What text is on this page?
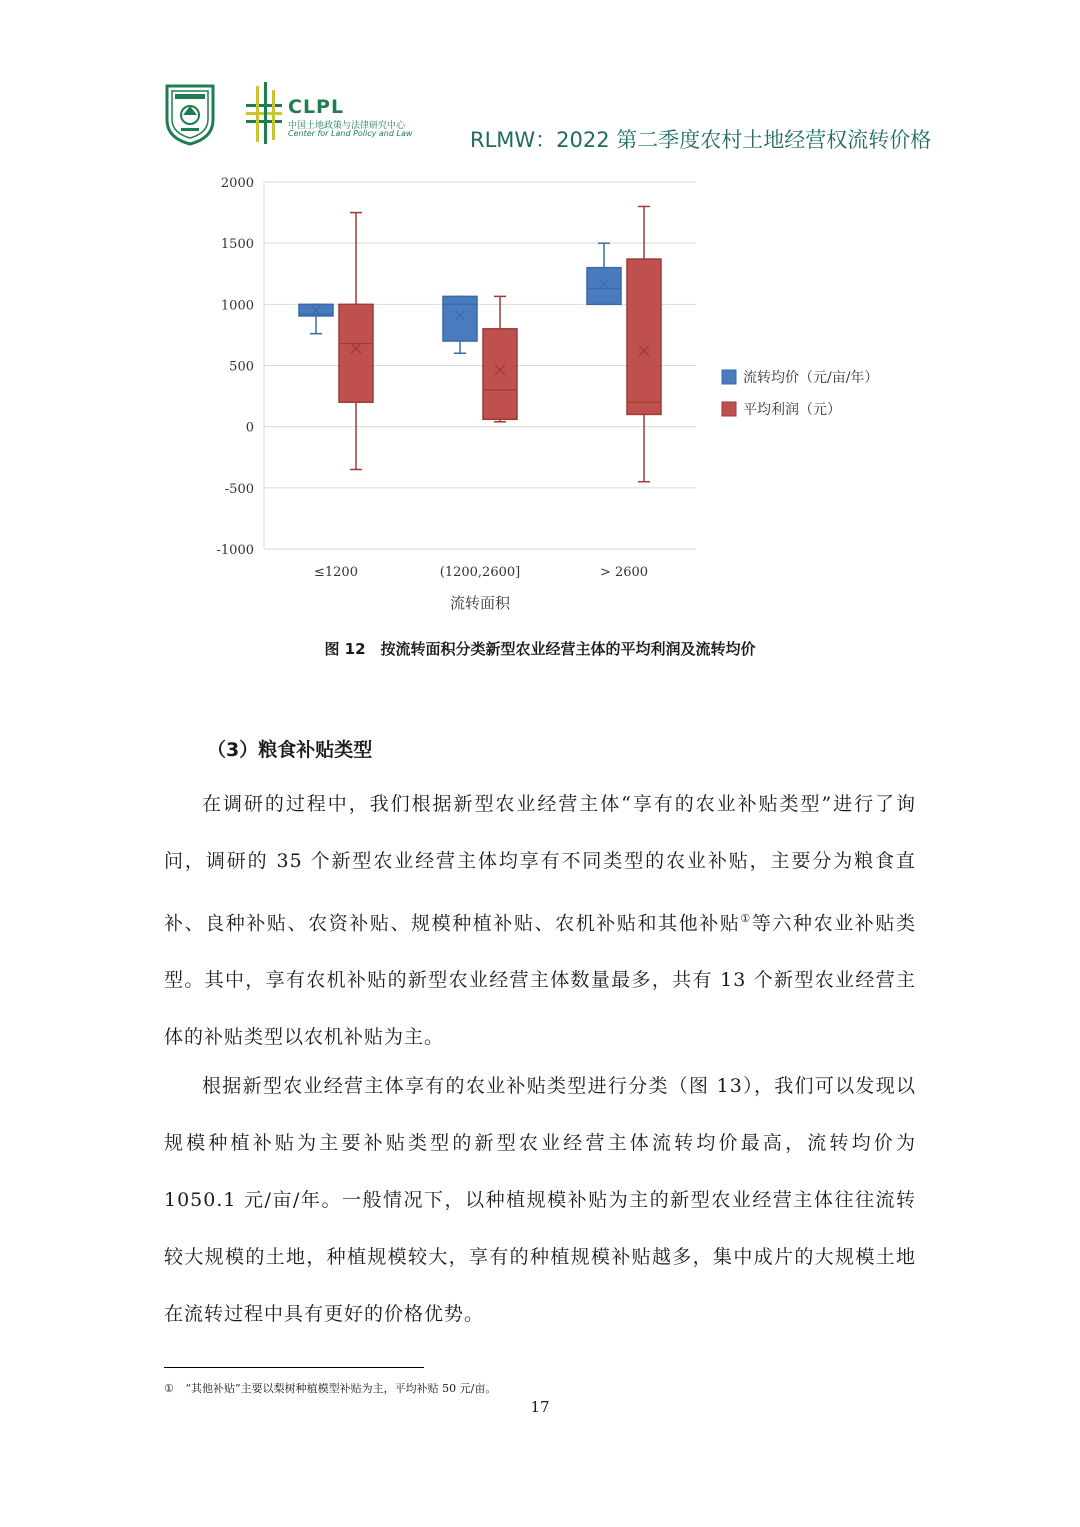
CLPL
中国土地政策与法律研究中心
Center for Land Policy and Law	RLMW：2022 第二季度农村土地经营权流转价格
2000
1500
1000
500
0
-500
-1000
≤1200	(1200,2600]	> 2600
流转面积
流转均价（元/亩/年）
平均利润（元）
图 12　按流转面积分类新型农业经营主体的平均利润及流转均价
（3）粮食补贴类型

在调研的过程中，我们根据新型农业经营主体“享有的农业补贴类型”进行了询问，调研的 35 个新型农业经营主体均享有不同类型的农业补贴，主要分为粮食直补、良种补贴、农资补贴、规模种植补贴、农机补贴和其他补贴①等六种农业补贴类型。其中，享有农机补贴的新型农业经营主体数量最多，共有 13 个新型农业经营主体的补贴类型以农机补贴为主。

根据新型农业经营主体享有的农业补贴类型进行分类（图 13），我们可以发现以规模种植补贴为主要补贴类型的新型农业经营主体流转均价最高，流转均价为 1050.1 元/亩/年。一般情况下，以种植规模补贴为主的新型农业经营主体往往流转较大规模的土地，种植规模较大，享有的种植规模补贴越多，集中成片的大规模土地在流转过程中具有更好的价格优势。

① “其他补贴”主要以梨树种植模型补贴为主，平均补贴 50 元/亩。
17
